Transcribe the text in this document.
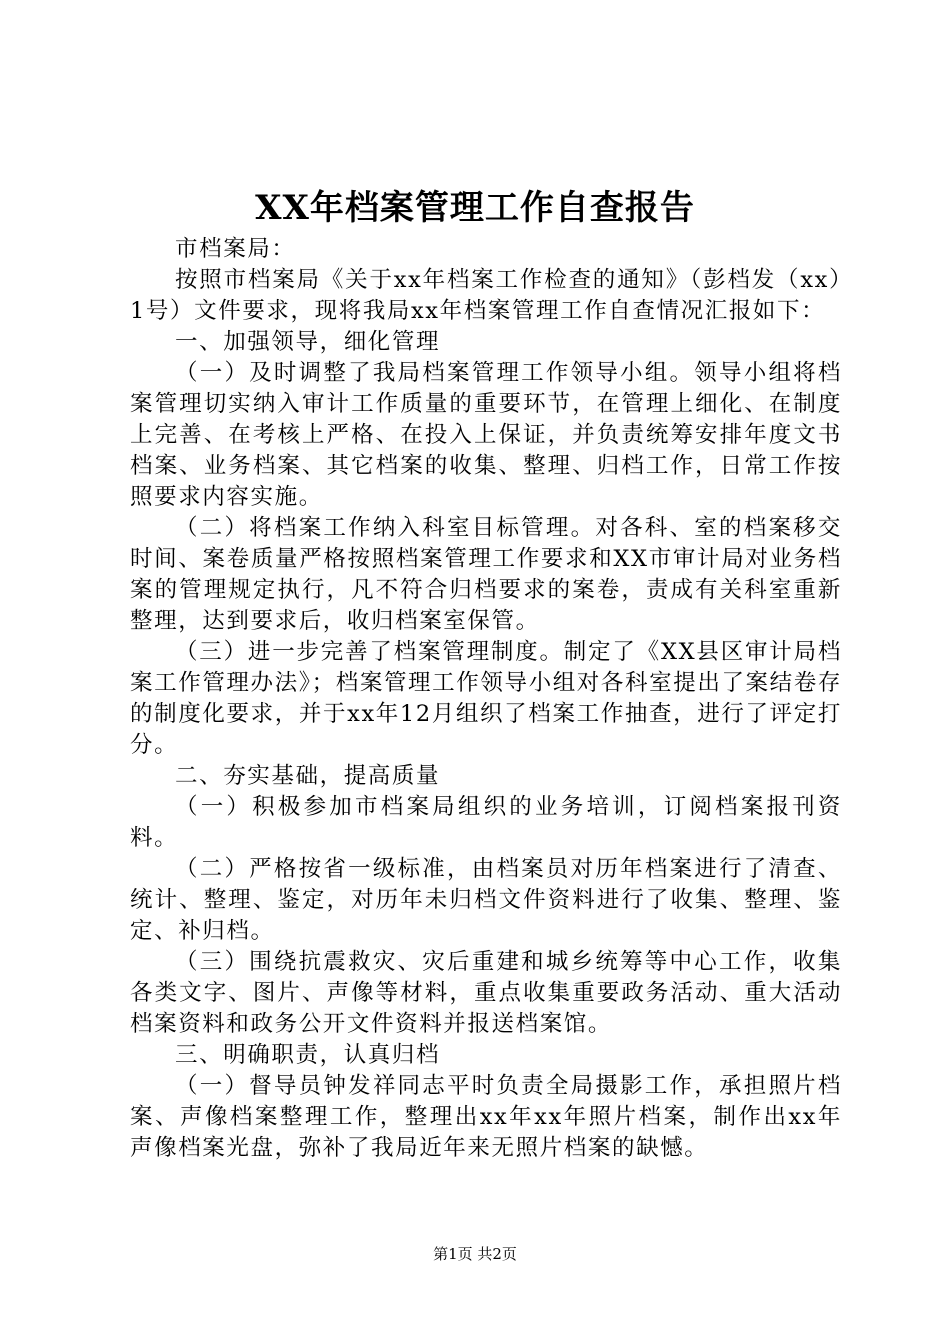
XX年档案管理工作自查报告

市档案局：

按照市档案局《关于xx年档案工作检查的通知》（彭档发（xx）1号）文件要求，现将我局xx年档案管理工作自查情况汇报如下：

一、加强领导，细化管理

（一）及时调整了我局档案管理工作领导小组。领导小组将档案管理切实纳入审计工作质量的重要环节，在管理上细化、在制度上完善、在考核上严格、在投入上保证，并负责统筹安排年度文书档案、业务档案、其它档案的收集、整理、归档工作，日常工作按照要求内容实施。

（二）将档案工作纳入科室目标管理。对各科、室的档案移交时间、案卷质量严格按照档案管理工作要求和XX市审计局对业务档案的管理规定执行，凡不符合归档要求的案卷，责成有关科室重新整理，达到要求后，收归档案室保管。

（三）进一步完善了档案管理制度。制定了《XX县区审计局档案工作管理办法》；档案管理工作领导小组对各科室提出了案结卷存的制度化要求，并于xx年12月组织了档案工作抽查，进行了评定打分。

二、夯实基础，提高质量

（一）积极参加市档案局组织的业务培训，订阅档案报刊资料。

（二）严格按省一级标准，由档案员对历年档案进行了清查、统计、整理、鉴定，对历年未归档文件资料进行了收集、整理、鉴定、补归档。

（三）围绕抗震救灾、灾后重建和城乡统筹等中心工作，收集各类文字、图片、声像等材料，重点收集重要政务活动、重大活动档案资料和政务公开文件资料并报送档案馆。

三、明确职责，认真归档

（一）督导员钟发祥同志平时负责全局摄影工作，承担照片档案、声像档案整理工作，整理出xx年xx年照片档案，制作出xx年声像档案光盘，弥补了我局近年来无照片档案的缺憾。

第1页 共2页
